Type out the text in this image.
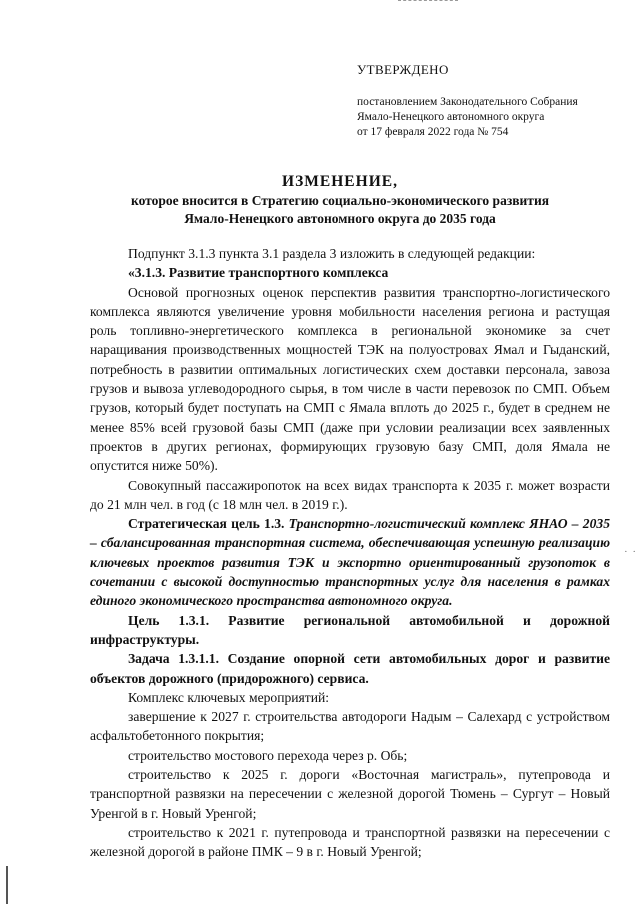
УТВЕРЖДЕНО
постановлением Законодательного Собрания
Ямало-Ненецкого автономного округа
от 17 февраля 2022 года № 754
ИЗМЕНЕНИЕ,
которое вносится в Стратегию социально-экономического развития
Ямало-Ненецкого автономного округа до 2035 года

Подпункт 3.1.3 пункта 3.1 раздела 3 изложить в следующей редакции:

«3.1.3. Развитие транспортного комплекса

Основой прогнозных оценок перспектив развития транспортно-логистического комплекса являются увеличение уровня мобильности населения региона и растущая роль топливно-энергетического комплекса в региональной экономике за счет наращивания производственных мощностей ТЭК на полуостровах Ямал и Гыданский, потребность в развитии оптимальных логистических схем доставки персонала, завоза грузов и вывоза углеводородного сырья, в том числе в части перевозок по СМП. Объем грузов, который будет поступать на СМП с Ямала вплоть до 2025 г., будет в среднем не менее 85% всей грузовой базы СМП (даже при условии реализации всех заявленных проектов в других регионах, формирующих грузовую базу СМП, доля Ямала не опустится ниже 50%).

Совокупный пассажиропоток на всех видах транспорта к 2035 г. может возрасти до 21 млн чел. в год (с 18 млн чел. в 2019 г.).

Стратегическая цель 1.3. Транспортно-логистический комплекс ЯНАО – 2035 – сбалансированная транспортная система, обеспечивающая успешную реализацию ключевых проектов развития ТЭК и экспортно ориентированный грузопоток в сочетании с высокой доступностью транспортных услуг для населения в рамках единого экономического пространства автономного округа.

Цель 1.3.1. Развитие региональной автомобильной и дорожной инфраструктуры.

Задача 1.3.1.1. Создание опорной сети автомобильных дорог и развитие объектов дорожного (придорожного) сервиса.

Комплекс ключевых мероприятий:

завершение к 2027 г. строительства автодороги Надым – Салехард с устройством асфальтобетонного покрытия;

строительство мостового перехода через р. Обь;

строительство к 2025 г. дороги «Восточная магистраль», путепровода и транспортной развязки на пересечении с железной дорогой Тюмень – Сургут – Новый Уренгой в г. Новый Уренгой;

строительство к 2021 г. путепровода и транспортной развязки на пересечении с железной дорогой в районе ПМК – 9 в г. Новый Уренгой;

· ·
